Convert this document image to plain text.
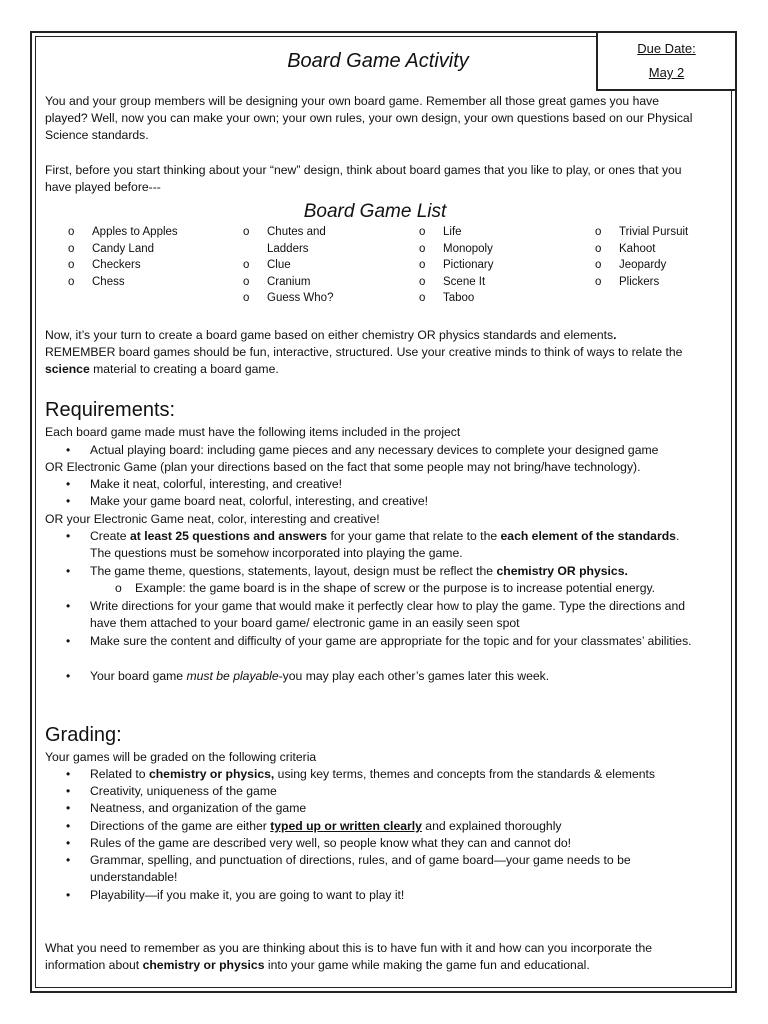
Due Date:
May 2
Board Game Activity

You and your group members will be designing your own board game. Remember all those great games you have played? Well, now you can make your own; your own rules, your own design, your own questions based on our Physical Science standards.

First, before you start thinking about your “new” design, think about board games that you like to play, or ones that you have played before---

Board Game List
o Apples to Apples
o Candy Land
o Checkers
o Chess
o Chutes and
Ladders
o Clue
o Cranium
o Guess Who?
o Life
o Monopoly
o Pictionary
o Scene It
o Taboo
o Trivial Pursuit
o Kahoot
o Jeopardy
o Plickers

Now, it’s your turn to create a board game based on either chemistry OR physics standards and elements.
REMEMBER board games should be fun, interactive, structured. Use your creative minds to think of ways to relate the science material to creating a board game.

Requirements:

Each board game made must have the following items included in the project

• Actual playing board: including game pieces and any necessary devices to complete your designed game

OR Electronic Game (plan your directions based on the fact that some people may not bring/have technology).

• Make it neat, colorful, interesting, and creative!

• Make your game board neat, colorful, interesting, and creative!

OR your Electronic Game neat, color, interesting and creative!

• Create at least 25 questions and answers for your game that relate to the each element of the standards.
The questions must be somehow incorporated into playing the game.

• The game theme, questions, statements, layout, design must be reflect the chemistry OR physics.

o Example: the game board is in the shape of screw or the purpose is to increase potential energy.

• Write directions for your game that would make it perfectly clear how to play the game. Type the directions and have them attached to your board game/ electronic game in an easily seen spot

• Make sure the content and difficulty of your game are appropriate for the topic and for your classmates’ abilities.

• Your board game must be playable-you may play each other’s games later this week.

Grading:

Your games will be graded on the following criteria

• Related to chemistry or physics, using key terms, themes and concepts from the standards & elements

• Creativity, uniqueness of the game

• Neatness, and organization of the game

• Directions of the game are either typed up or written clearly and explained thoroughly

• Rules of the game are described very well, so people know what they can and cannot do!

• Grammar, spelling, and punctuation of directions, rules, and of game board—your game needs to be understandable!

• Playability—if you make it, you are going to want to play it!

What you need to remember as you are thinking about this is to have fun with it and how can you incorporate the information about chemistry or physics into your game while making the game fun and educational.
